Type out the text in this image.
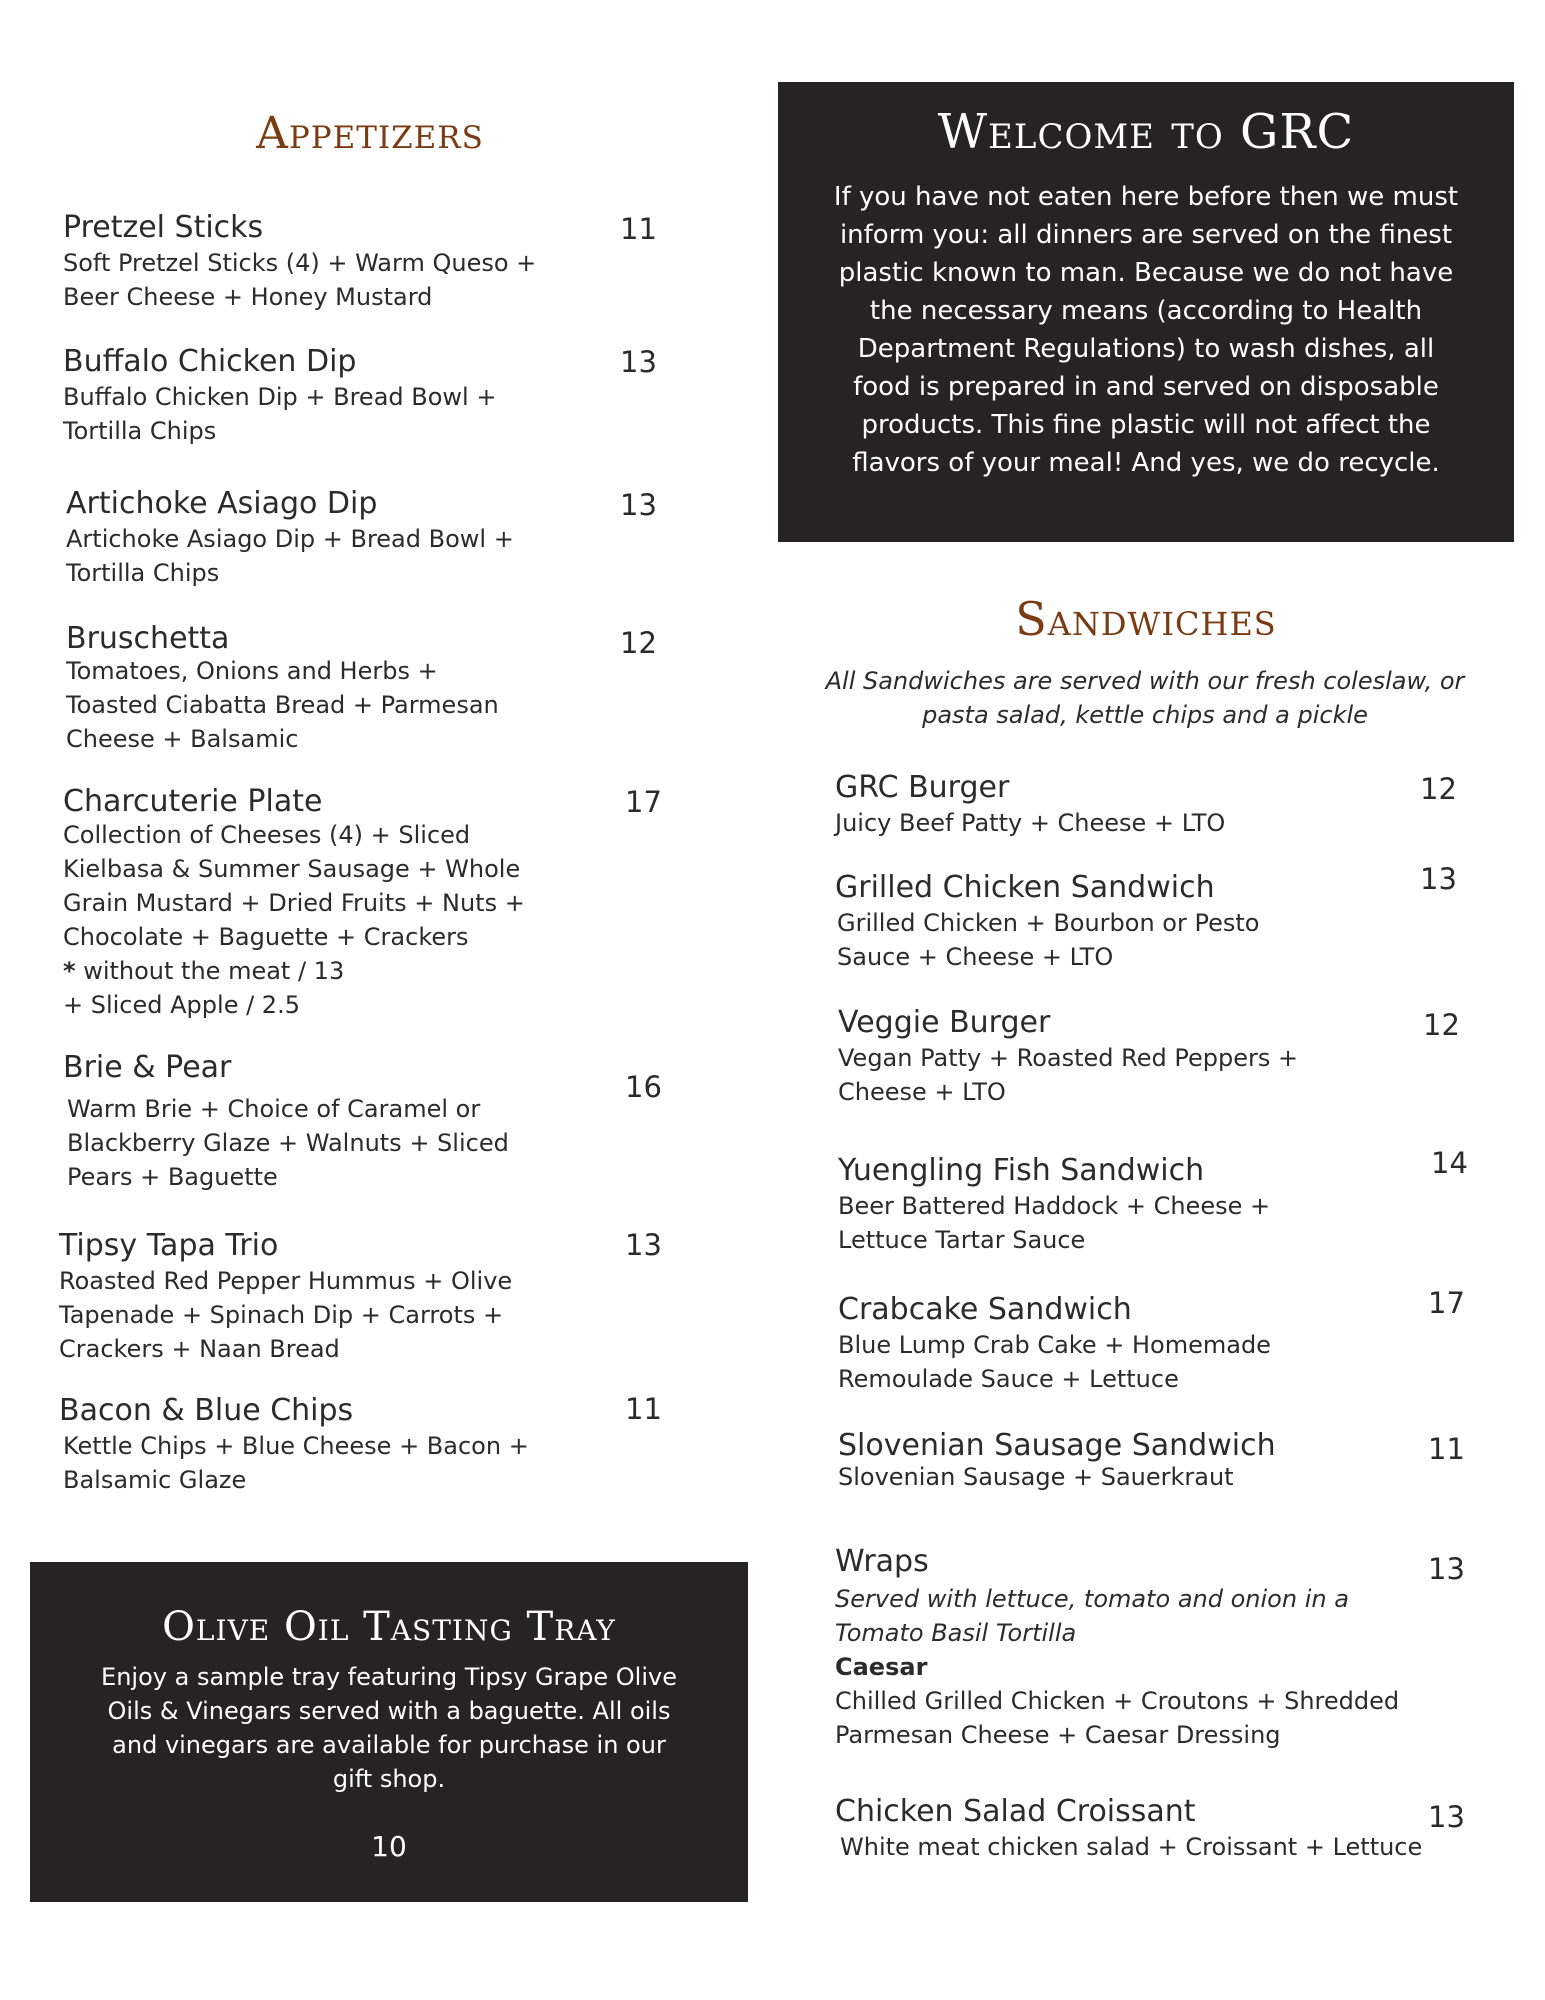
Appetizers
Pretzel Sticks
Soft Pretzel Sticks (4) + Warm Queso +
Beer Cheese + Honey Mustard
11
Buffalo Chicken Dip
Buffalo Chicken Dip + Bread Bowl +
Tortilla Chips
13
Artichoke Asiago Dip
Artichoke Asiago Dip + Bread Bowl +
Tortilla Chips
13
Bruschetta
Tomatoes, Onions and Herbs +
Toasted Ciabatta Bread + Parmesan
Cheese + Balsamic
12
Charcuterie Plate
Collection of Cheeses (4) + Sliced
Kielbasa & Summer Sausage + Whole
Grain Mustard + Dried Fruits + Nuts +
Chocolate + Baguette + Crackers
* without the meat / 13
+ Sliced Apple / 2.5
17
Brie & Pear
Warm Brie + Choice of Caramel or
Blackberry Glaze + Walnuts + Sliced
Pears + Baguette
16
Tipsy Tapa Trio
Roasted Red Pepper Hummus + Olive
Tapenade + Spinach Dip + Carrots +
Crackers + Naan Bread
13
Bacon & Blue Chips
Kettle Chips + Blue Cheese + Bacon +
Balsamic Glaze
11
Olive Oil Tasting Tray
Enjoy a sample tray featuring Tipsy Grape Olive Oils & Vinegars served with a baguette. All oils and vinegars are available for purchase in our gift shop.
10
Welcome to GRC
If you have not eaten here before then we must inform you: all dinners are served on the finest plastic known to man. Because we do not have the necessary means (according to Health Department Regulations) to wash dishes, all food is prepared in and served on disposable products. This fine plastic will not affect the flavors of your meal! And yes, we do recycle.
Sandwiches
All Sandwiches are served with our fresh coleslaw, or pasta salad, kettle chips and a pickle
GRC Burger
Juicy Beef Patty + Cheese + LTO
12
Grilled Chicken Sandwich
Grilled Chicken + Bourbon or Pesto
Sauce + Cheese + LTO
13
Veggie Burger
Vegan Patty + Roasted Red Peppers +
Cheese + LTO
12
Yuengling Fish Sandwich
Beer Battered Haddock + Cheese +
Lettuce Tartar Sauce
14
Crabcake Sandwich
Blue Lump Crab Cake + Homemade
Remoulade Sauce + Lettuce
17
Slovenian Sausage Sandwich
Slovenian Sausage + Sauerkraut
11
Wraps
Served with lettuce, tomato and onion in a
Tomato Basil Tortilla
Caesar
Chilled Grilled Chicken + Croutons + Shredded
Parmesan Cheese + Caesar Dressing
13
Chicken Salad Croissant
White meat chicken salad + Croissant + Lettuce
13
